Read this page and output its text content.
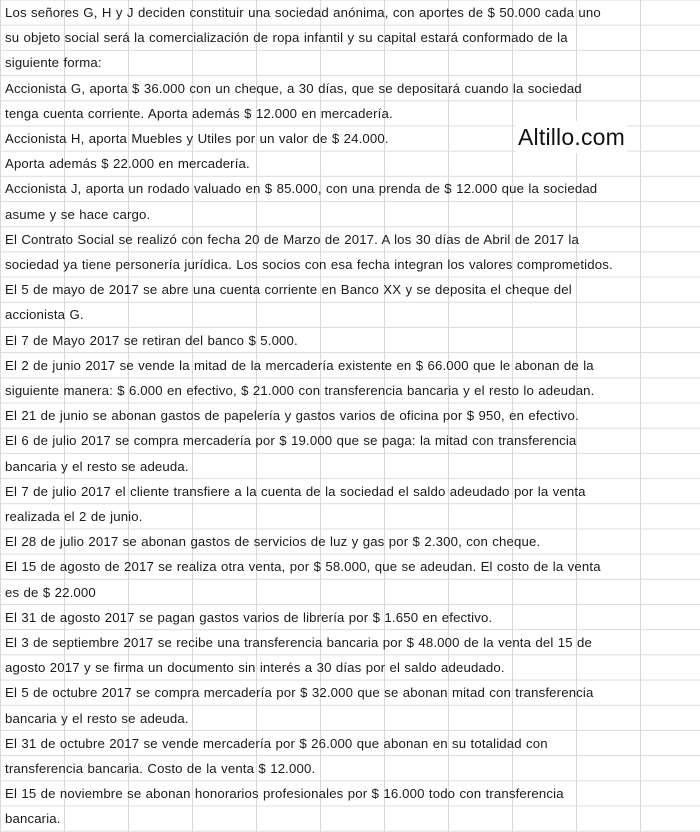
Los señores G, H y J deciden constituir una sociedad anónima, con aportes de $ 50.000 cada uno
su objeto social será la comercialización de ropa infantil y su capital estará conformado de la
siguiente forma:
Accionista G, aporta $ 36.000 con un cheque, a 30 días, que se depositará cuando la sociedad
tenga cuenta corriente. Aporta además $ 12.000 en mercadería.
Accionista H, aporta Muebles y Utiles por un valor de $ 24.000.
Aporta además $ 22.000 en mercadería.
Accionista J, aporta un rodado valuado en $ 85.000, con una prenda de $ 12.000 que la sociedad
asume y se hace cargo.
El Contrato Social se realizó con fecha 20 de Marzo de 2017. A los 30 días de Abril de 2017 la
sociedad ya tiene personería jurídica. Los socios con esa fecha integran los valores comprometidos.
El 5 de mayo de 2017 se abre una cuenta corriente en Banco XX y se deposita el cheque del
accionista G.
El 7 de Mayo 2017 se retiran del banco $ 5.000.
El 2 de junio 2017 se vende la mitad de la mercadería existente en $ 66.000 que le abonan de la
siguiente manera: $ 6.000 en efectivo, $ 21.000 con transferencia bancaria y el resto lo adeudan.
El 21 de junio se abonan gastos de papelería y gastos varios de oficina por $ 950, en efectivo.
El 6 de julio 2017 se compra mercadería por $ 19.000 que se paga: la mitad con transferencia
bancaria y el resto se adeuda.
El 7 de julio 2017 el cliente transfiere a la cuenta de la sociedad el saldo adeudado por la venta
realizada el 2 de junio.
El 28 de julio 2017 se abonan gastos de servicios de luz y gas por $ 2.300, con cheque.
El 15 de agosto de 2017 se realiza otra venta, por $ 58.000, que se adeudan. El costo de la venta
es de $ 22.000
El 31 de agosto 2017 se pagan gastos varios de librería por $ 1.650 en efectivo.
El 3 de septiembre 2017 se recibe una transferencia bancaria por $ 48.000 de la venta del 15 de
agosto 2017 y se firma un documento sin interés a 30 días por el saldo adeudado.
El 5 de octubre 2017 se compra mercadería por $ 32.000 que se abonan mitad con transferencia
bancaria y el resto se adeuda.
El 31 de octubre 2017 se vende mercadería por $ 26.000 que abonan en su totalidad con
transferencia bancaria. Costo de la venta $ 12.000.
El 15 de noviembre se abonan honorarios profesionales por $ 16.000 todo con transferencia
bancaria.
Altillo.com
